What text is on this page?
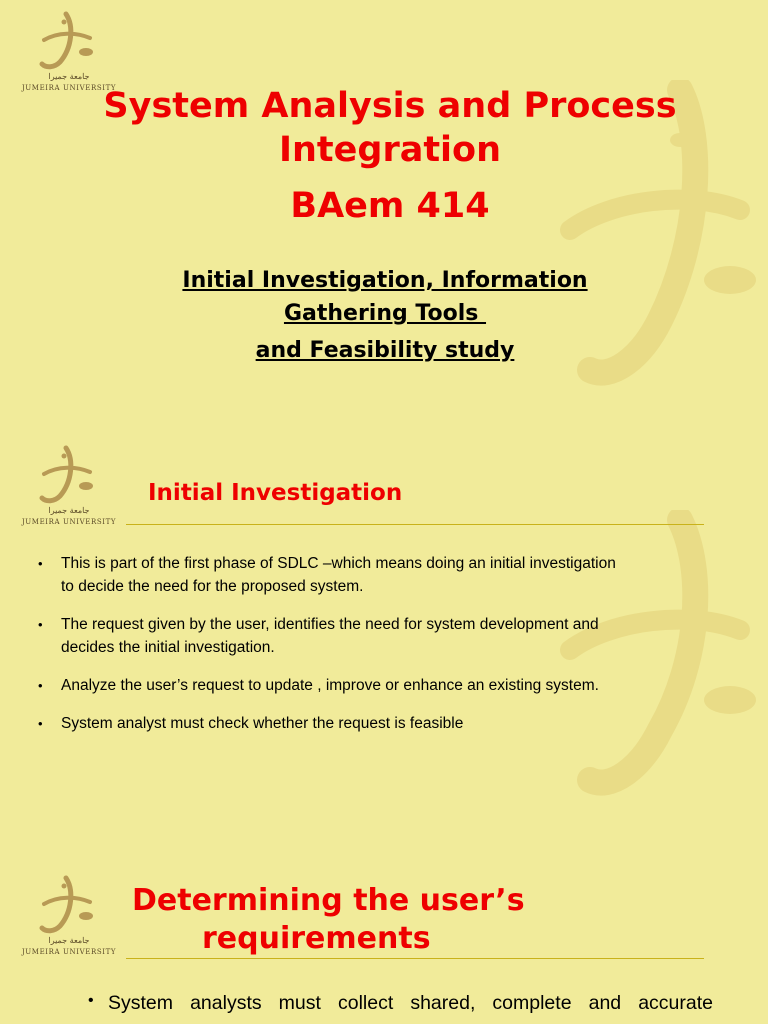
جامعة جميرا
JUMEIRA UNIVERSITY
System Analysis and Process
Integration
BAem 414
Initial Investigation, Information
Gathering Tools
and Feasibility study
جامعة جميرا
JUMEIRA UNIVERSITY
Initial Investigation
• This is part of the first phase of SDLC –which means doing an initial investigation
to decide the need for the proposed system.
• The request given by the user, identifies the need for system development and
decides the initial investigation.
• Analyze the user’s request to update , improve or enhance an existing system.
• System analyst must check whether the request is feasible
جامعة جميرا
JUMEIRA UNIVERSITY
Determining the user’s
requirements
• System analysts must collect shared, complete and accurate
